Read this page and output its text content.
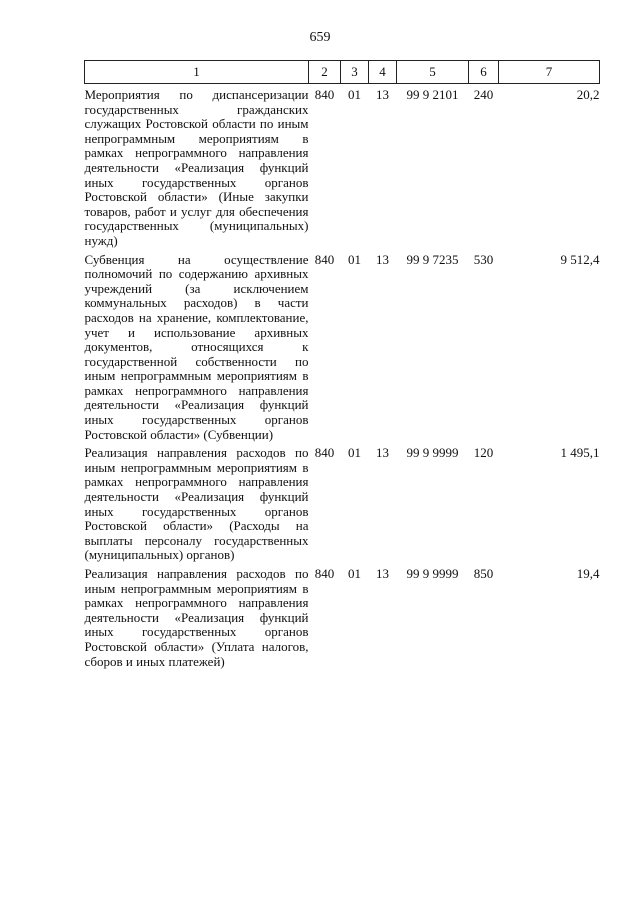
659
1	2	3	4	5	6	7
Мероприятия по диспансеризации государственных гражданских служащих Ростовской области по иным непрограммным мероприятиям в рамках непрограммного направления деятельности «Реализация функций иных государственных органов Ростовской области» (Иные закупки товаров, работ и услуг для обеспечения государственных (муниципальных) нужд)	840	01	13	99 9 2101	240	20,2
Субвенция на осуществление полномочий по содержанию архивных учреждений (за исключением коммунальных расходов) в части расходов на хранение, комплектование, учет и использование архивных документов, относящихся к государственной собственности по иным непрограммным мероприятиям в рамках непрограммного направления деятельности «Реализация функций иных государственных органов Ростовской области» (Субвенции)	840	01	13	99 9 7235	530	9 512,4
Реализация направления расходов по иным непрограммным мероприятиям в рамках непрограммного направления деятельности «Реализация функций иных государственных органов Ростовской области» (Расходы на выплаты персоналу государственных (муниципальных) органов)	840	01	13	99 9 9999	120	1 495,1
Реализация направления расходов по иным непрограммным мероприятиям в рамках непрограммного направления деятельности «Реализация функций иных государственных органов Ростовской области» (Уплата налогов, сборов и иных платежей)	840	01	13	99 9 9999	850	19,4
